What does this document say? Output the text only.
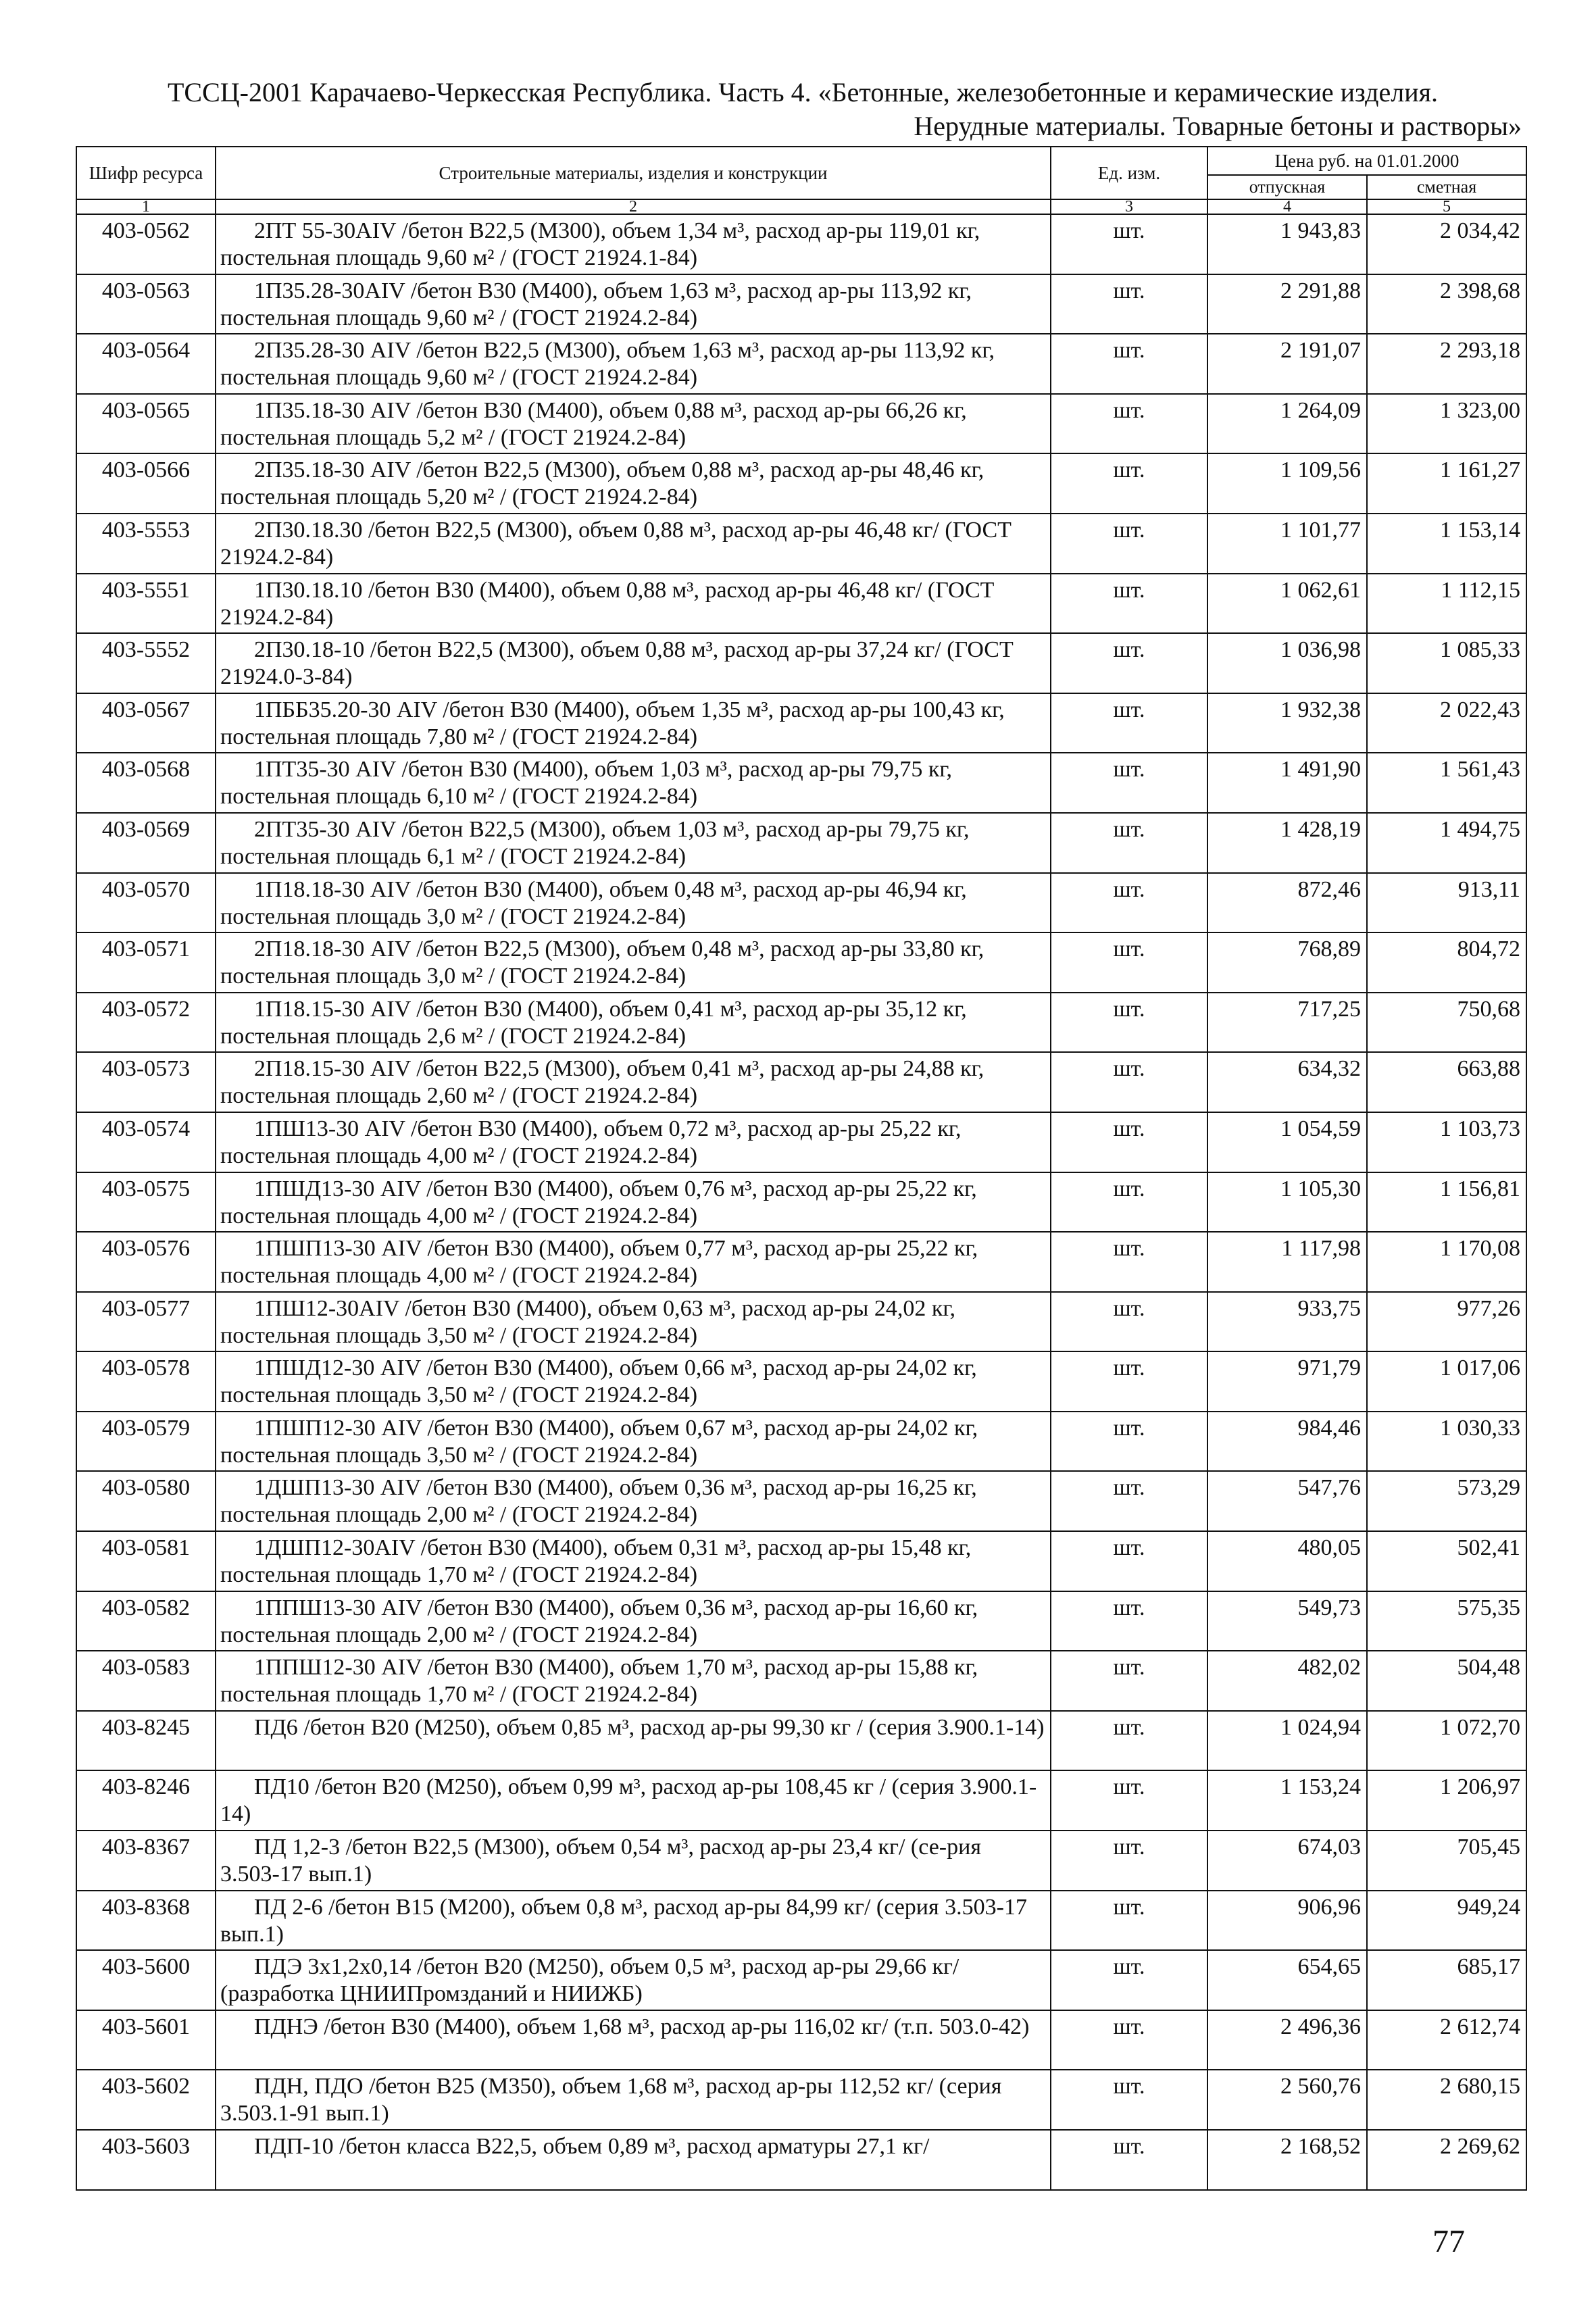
ТССЦ-2001 Карачаево-Черкесская Республика. Часть 4. «Бетонные, железобетонные и керамические изделия.
Нерудные материалы. Товарные бетоны и растворы»
Шифр ресурса	Строительные материалы, изделия и конструкции	Ед. изм.	Цена руб. на 01.01.2000	
			отпускная	сметная
1	2	3	4	5
403-0562	2ПТ 55-30AIV /бетон В22,5 (М300), объем 1,34 м³, расход ар-ры 119,01 кг, постельная площадь 9,60 м² / (ГОСТ 21924.1-84)	шт.	1 943,83	2 034,42
403-0563	1П35.28-30AIV /бетон В30 (М400), объем 1,63 м³, расход ар-ры 113,92 кг, постельная площадь 9,60 м² / (ГОСТ 21924.2-84)	шт.	2 291,88	2 398,68
403-0564	2П35.28-30 AIV /бетон В22,5 (М300), объем 1,63 м³, расход ар-ры 113,92 кг, постельная площадь 9,60 м² / (ГОСТ 21924.2-84)	шт.	2 191,07	2 293,18
403-0565	1П35.18-30 AIV /бетон В30 (М400), объем 0,88 м³, расход ар-ры 66,26 кг, постельная площадь 5,2 м² / (ГОСТ 21924.2-84)	шт.	1 264,09	1 323,00
403-0566	2П35.18-30 AIV /бетон В22,5 (М300), объем 0,88 м³, расход ар-ры 48,46 кг, постельная площадь 5,20 м² / (ГОСТ 21924.2-84)	шт.	1 109,56	1 161,27
403-5553	2П30.18.30 /бетон В22,5 (М300), объем 0,88 м³, расход ар-ры 46,48 кг/ (ГОСТ 21924.2-84)	шт.	1 101,77	1 153,14
403-5551	1П30.18.10 /бетон В30 (М400), объем 0,88 м³, расход ар-ры 46,48 кг/ (ГОСТ 21924.2-84)	шт.	1 062,61	1 112,15
403-5552	2П30.18-10 /бетон В22,5 (М300), объем 0,88 м³, расход ар-ры 37,24 кг/ (ГОСТ 21924.0-3-84)	шт.	1 036,98	1 085,33
403-0567	1ПББ35.20-30 AIV /бетон В30 (М400), объем 1,35 м³, расход ар-ры 100,43 кг, постельная площадь 7,80 м² / (ГОСТ 21924.2-84)	шт.	1 932,38	2 022,43
403-0568	1ПТ35-30 AIV /бетон В30 (М400), объем 1,03 м³, расход ар-ры 79,75 кг, постельная площадь 6,10 м² / (ГОСТ 21924.2-84)	шт.	1 491,90	1 561,43
403-0569	2ПТ35-30 AIV /бетон В22,5 (М300), объем 1,03 м³, расход ар-ры 79,75 кг, постельная площадь 6,1 м² / (ГОСТ 21924.2-84)	шт.	1 428,19	1 494,75
403-0570	1П18.18-30 AIV /бетон В30 (М400), объем 0,48 м³, расход ар-ры 46,94 кг, постельная площадь 3,0 м² / (ГОСТ 21924.2-84)	шт.	872,46	913,11
403-0571	2П18.18-30 AIV /бетон В22,5 (М300), объем 0,48 м³, расход ар-ры 33,80 кг, постельная площадь 3,0 м² / (ГОСТ 21924.2-84)	шт.	768,89	804,72
403-0572	1П18.15-30 AIV /бетон В30 (М400), объем 0,41 м³, расход ар-ры 35,12 кг, постельная площадь 2,6 м² / (ГОСТ 21924.2-84)	шт.	717,25	750,68
403-0573	2П18.15-30 AIV /бетон В22,5 (М300), объем 0,41 м³, расход ар-ры 24,88 кг, постельная площадь 2,60 м² / (ГОСТ 21924.2-84)	шт.	634,32	663,88
403-0574	1ПШ13-30 AIV /бетон В30 (М400), объем 0,72 м³, расход ар-ры 25,22 кг, постельная площадь 4,00 м² / (ГОСТ 21924.2-84)	шт.	1 054,59	1 103,73
403-0575	1ПШД13-30 AIV /бетон В30 (М400), объем 0,76 м³, расход ар-ры 25,22 кг, постельная площадь 4,00 м² / (ГОСТ 21924.2-84)	шт.	1 105,30	1 156,81
403-0576	1ПШП13-30 AIV /бетон В30 (М400), объем 0,77 м³, расход ар-ры 25,22 кг, постельная площадь 4,00 м² / (ГОСТ 21924.2-84)	шт.	1 117,98	1 170,08
403-0577	1ПШ12-30AIV /бетон В30 (М400), объем 0,63 м³, расход ар-ры 24,02 кг, постельная площадь 3,50 м² / (ГОСТ 21924.2-84)	шт.	933,75	977,26
403-0578	1ПШД12-30 AIV /бетон В30 (М400), объем 0,66 м³, расход ар-ры 24,02 кг, постельная площадь 3,50 м² / (ГОСТ 21924.2-84)	шт.	971,79	1 017,06
403-0579	1ПШП12-30 AIV /бетон В30 (М400), объем 0,67 м³, расход ар-ры 24,02 кг, постельная площадь 3,50 м² / (ГОСТ 21924.2-84)	шт.	984,46	1 030,33
403-0580	1ДШП13-30 AIV /бетон В30 (М400), объем 0,36 м³, расход ар-ры 16,25 кг, постельная площадь 2,00 м² / (ГОСТ 21924.2-84)	шт.	547,76	573,29
403-0581	1ДШП12-30AIV /бетон В30 (М400), объем 0,31 м³, расход ар-ры 15,48 кг, постельная площадь 1,70 м² / (ГОСТ 21924.2-84)	шт.	480,05	502,41
403-0582	1ППШ13-30 AIV /бетон В30 (М400), объем 0,36 м³, расход ар-ры 16,60 кг, постельная площадь 2,00 м² / (ГОСТ 21924.2-84)	шт.	549,73	575,35
403-0583	1ППШ12-30 AIV /бетон В30 (М400), объем 1,70 м³, расход ар-ры 15,88 кг, постельная площадь 1,70 м² / (ГОСТ 21924.2-84)	шт.	482,02	504,48
403-8245	ПД6 /бетон В20 (М250), объем 0,85 м³, расход ар-ры 99,30 кг / (серия 3.900.1-14)	шт.	1 024,94	1 072,70
403-8246	ПД10 /бетон В20 (М250), объем 0,99 м³, расход ар-ры 108,45 кг / (серия 3.900.1-14)	шт.	1 153,24	1 206,97
403-8367	ПД 1,2-3 /бетон В22,5 (М300), объем 0,54 м³, расход ар-ры 23,4 кг/ (се-рия 3.503-17 вып.1)	шт.	674,03	705,45
403-8368	ПД 2-6 /бетон В15 (М200), объем 0,8 м³, расход ар-ры 84,99 кг/ (серия 3.503-17 вып.1)	шт.	906,96	949,24
403-5600	ПДЭ 3х1,2х0,14 /бетон В20 (М250), объем 0,5 м³, расход ар-ры 29,66 кг/ (разработка ЦНИИПромзданий и НИИЖБ)	шт.	654,65	685,17
403-5601	ПДНЭ /бетон В30 (М400), объем 1,68 м³, расход ар-ры 116,02 кг/ (т.п. 503.0-42)	шт.	2 496,36	2 612,74
403-5602	ПДН, ПДО /бетон В25 (М350), объем 1,68 м³, расход ар-ры 112,52 кг/ (серия 3.503.1-91 вып.1)	шт.	2 560,76	2 680,15
403-5603	ПДП-10 /бетон класса В22,5, объем 0,89 м³, расход арматуры 27,1 кг/	шт.	2 168,52	2 269,62
77
